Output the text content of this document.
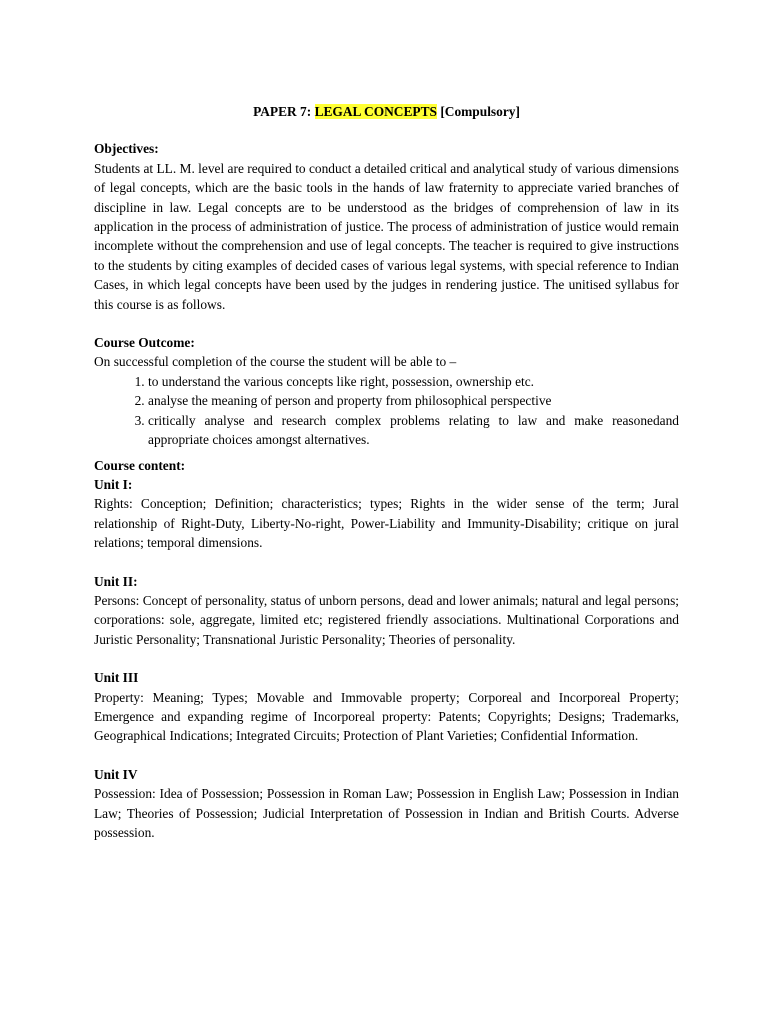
PAPER 7: LEGAL CONCEPTS [Compulsory]
Objectives:

Students at LL. M. level are required to conduct a detailed critical and analytical study of various dimensions of legal concepts, which are the basic tools in the hands of law fraternity to appreciate varied branches of discipline in law. Legal concepts are to be understood as the bridges of comprehension of law in its application in the process of administration of justice. The process of administration of justice would remain incomplete without the comprehension and use of legal concepts. The teacher is required to give instructions to the students by citing examples of decided cases of various legal systems, with special reference to Indian Cases, in which legal concepts have been used by the judges in rendering justice. The unitised syllabus for this course is as follows.

Course Outcome:

On successful completion of the course the student will be able to –

1. to understand the various concepts like right, possession, ownership etc.
2. analyse the meaning of person and property from philosophical perspective
3. critically analyse and research complex problems relating to law and make reasonedand appropriate choices amongst alternatives.
Course content:
Unit I:

Rights: Conception; Definition; characteristics; types; Rights in the wider sense of the term; Jural relationship of Right-Duty, Liberty-No-right, Power-Liability and Immunity-Disability; critique on jural relations; temporal dimensions.

Unit II:

Persons: Concept of personality, status of unborn persons, dead and lower animals; natural and legal persons; corporations: sole, aggregate, limited etc; registered friendly associations. Multinational Corporations and Juristic Personality; Transnational Juristic Personality; Theories of personality.

Unit III

Property: Meaning; Types; Movable and Immovable property; Corporeal and Incorporeal Property; Emergence and expanding regime of Incorporeal property: Patents; Copyrights; Designs; Trademarks, Geographical Indications; Integrated Circuits; Protection of Plant Varieties; Confidential Information.

Unit IV

Possession: Idea of Possession; Possession in Roman Law; Possession in English Law; Possession in Indian Law; Theories of Possession; Judicial Interpretation of Possession in Indian and British Courts. Adverse possession.
